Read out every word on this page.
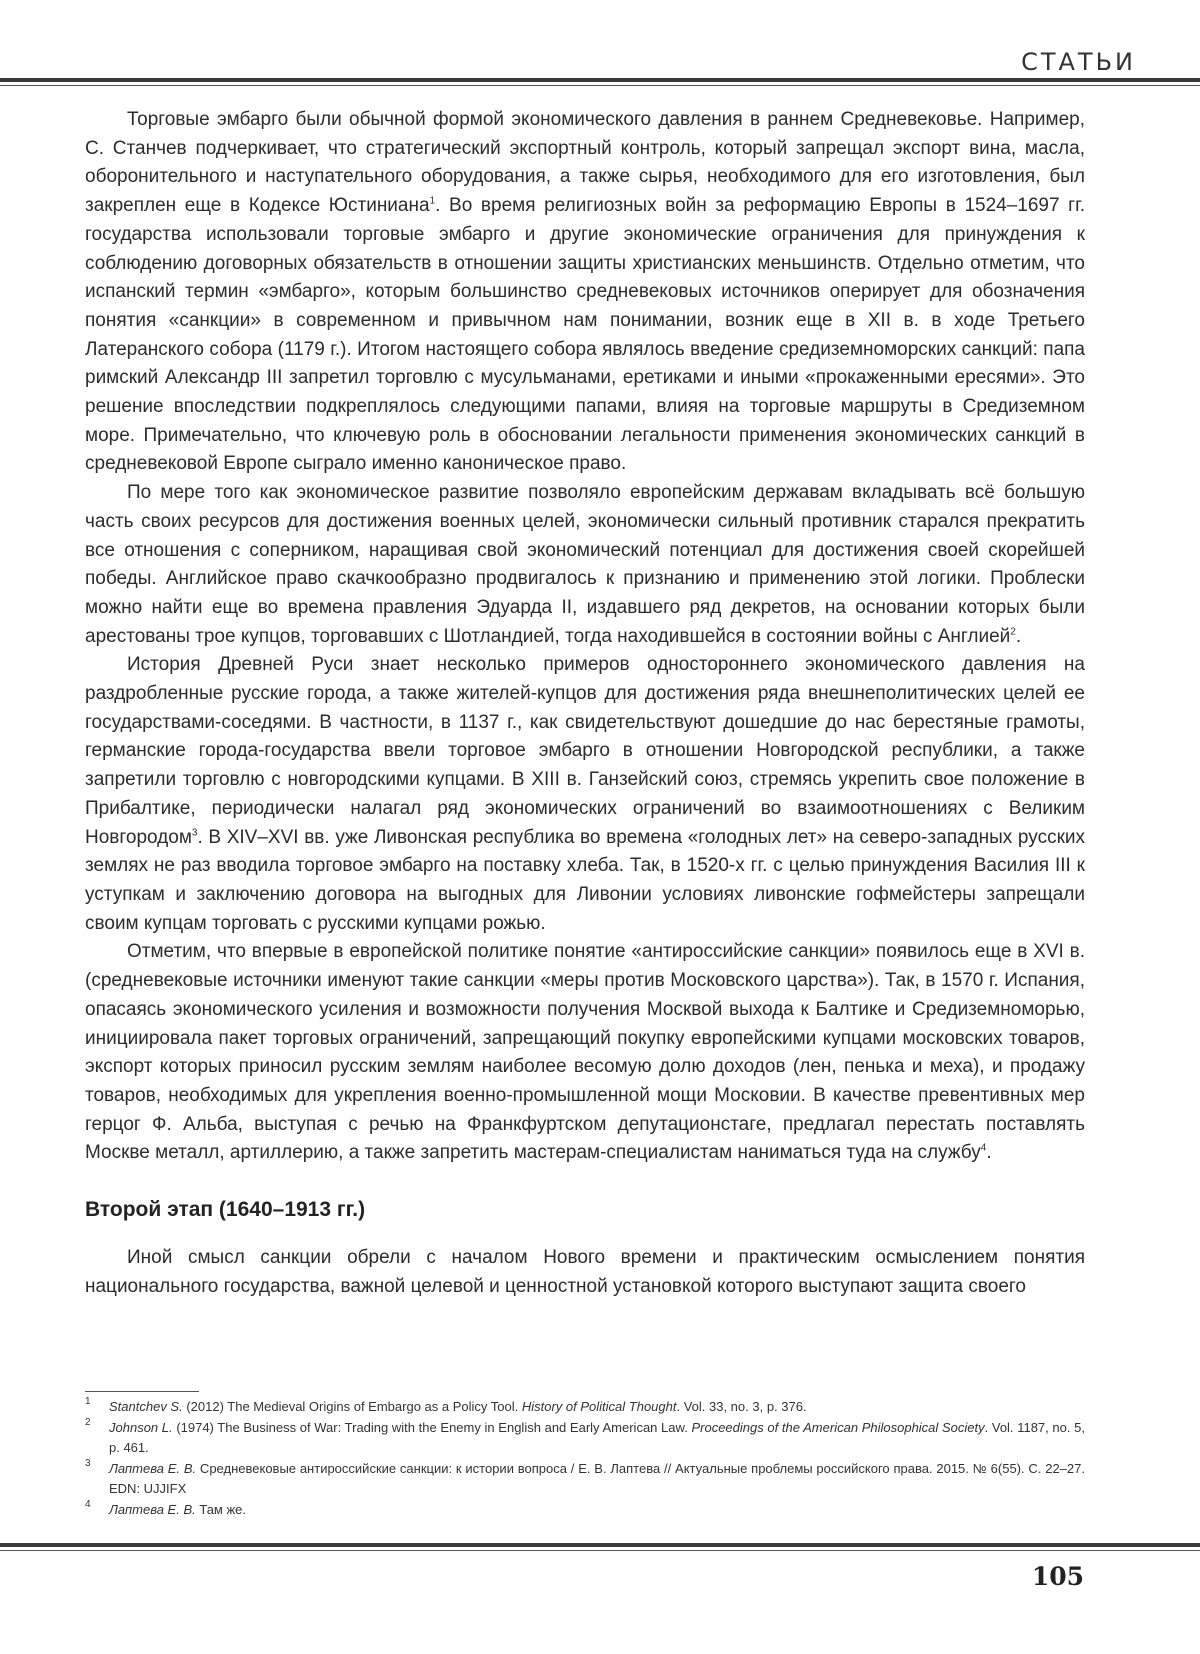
СТАТЬИ

Торговые эмбарго были обычной формой экономического давления в раннем Средневековье. Например, С. Станчев подчеркивает, что стратегический экспортный контроль, который запрещал экспорт вина, масла, оборонительного и наступательного оборудования, а также сырья, необходимого для его изготовления, был закреплен еще в Кодексе Юстиниана$^1$. Во время религиозных войн за реформацию Европы в 1524–1697 гг. государства использовали торговые эмбарго и другие экономические ограничения для принуждения к соблюдению договорных обязательств в отношении защиты христианских меньшинств. Отдельно отметим, что испанский термин «эмбарго», которым большинство средневековых источников оперирует для обозначения понятия «санкции» в современном и привычном нам понимании, возник еще в XII в. в ходе Третьего Латеранского собора (1179 г.). Итогом настоящего собора являлось введение средиземноморских санкций: папа римский Александр III запретил торговлю с мусульманами, еретиками и иными «прокаженными ересями». Это решение впоследствии подкреплялось следующими папами, влияя на торговые маршруты в Средиземном море. Примечательно, что ключевую роль в обосновании легальности применения экономических санкций в средневековой Европе сыграло именно каноническое право.

По мере того как экономическое развитие позволяло европейским державам вкладывать всё большую часть своих ресурсов для достижения военных целей, экономически сильный противник старался прекратить все отношения с соперником, наращивая свой экономический потенциал для достижения своей скорейшей победы. Английское право скачкообразно продвигалось к признанию и применению этой логики. Проблески можно найти еще во времена правления Эдуарда II, издавшего ряд декретов, на основании которых были арестованы трое купцов, торговавших с Шотландией, тогда находившейся в состоянии войны с Англией$^2$.

История Древней Руси знает несколько примеров одностороннего экономического давления на раздробленные русские города, а также жителей-купцов для достижения ряда внешнеполитических целей ее государствами-соседями. В частности, в 1137 г., как свидетельствуют дошедшие до нас берестяные грамоты, германские города-государства ввели торговое эмбарго в отношении Новгородской республики, а также запретили торговлю с новгородскими купцами. В XIII в. Ганзейский союз, стремясь укрепить свое положение в Прибалтике, периодически налагал ряд экономических ограничений во взаимоотношениях с Великим Новгородом$^3$. В XIV–XVI вв. уже Ливонская республика во времена «голодных лет» на северо-западных русских землях не раз вводила торговое эмбарго на поставку хлеба. Так, в 1520-х гг. с целью принуждения Василия III к уступкам и заключению договора на выгодных для Ливонии условиях ливонские гофмейстеры запрещали своим купцам торговать с русскими купцами рожью.

Отметим, что впервые в европейской политике понятие «антироссийские санкции» появилось еще в XVI в. (средневековые источники именуют такие санкции «меры против Московского царства»). Так, в 1570 г. Испания, опасаясь экономического усиления и возможности получения Москвой выхода к Балтике и Средиземноморью, инициировала пакет торговых ограничений, запрещающий покупку европейскими купцами московских товаров, экспорт которых приносил русским землям наиболее весомую долю доходов (лен, пенька и меха), и продажу товаров, необходимых для укрепления военно-промышленной мощи Московии. В качестве превентивных мер герцог Ф. Альба, выступая с речью на Франкфуртском депутационстаге, предлагал перестать поставлять Москве металл, артиллерию, а также запретить мастерам-специалистам наниматься туда на службу$^4$.

Второй этап (1640–1913 гг.)

Иной смысл санкции обрели с началом Нового времени и практическим осмыслением понятия национального государства, важной целевой и ценностной установкой которого выступают защита своего

1 Stantchev S. (2012) The Medieval Origins of Embargo as a Policy Tool. History of Political Thought. Vol. 33, no. 3, p. 376.

2 Johnson L. (1974) The Business of War: Trading with the Enemy in English and Early American Law. Proceedings of the American Philosophical Society. Vol. 1187, no. 5, p. 461.

3 Лаптева Е. В. Средневековые антироссийские санкции: к истории вопроса / Е. В. Лаптева // Актуальные проблемы российского права. 2015. № 6(55). С. 22–27. EDN: UJJIFX

4 Лаптева Е. В. Там же.

105
